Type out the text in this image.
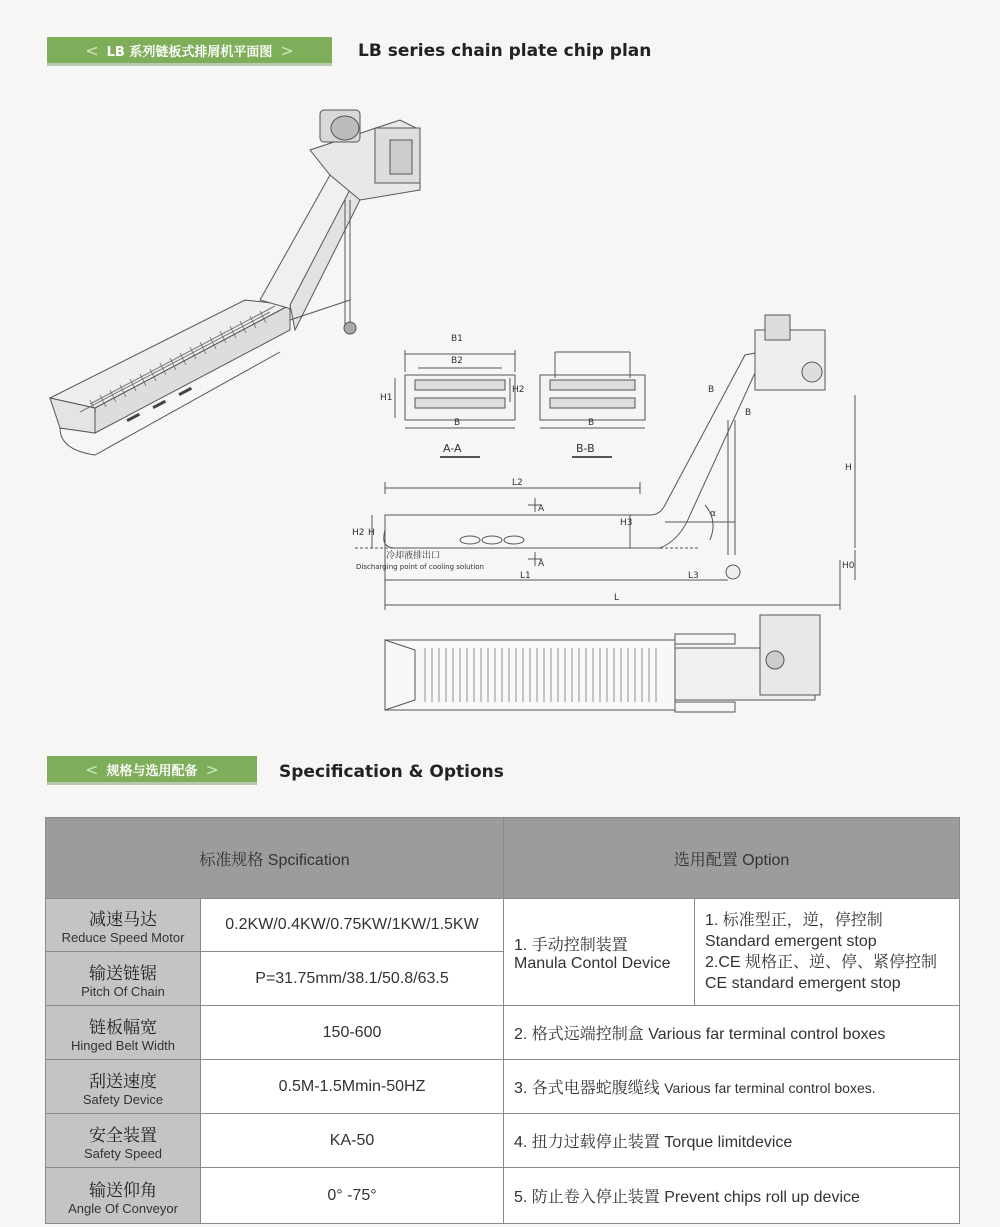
< LB 系列链板式排屑机平面图 >	LB series chain plate chip plan
B1
B2
B	B
H1
H2
A-A	B-B
L2
L1	L3
L
H
H0
H3
H2 H
α
A
A
B
B
冷却液排出口
Discharging point of cooling solution
< 规格与选用配备 >	Specification & Options
标准规格 Spcification		选用配置 Option	

减速马达
Reduce Speed Motor	0.2KW/0.4KW/0.75KW/1KW/1.5KW	1. 手动控制装置
Manula Contol Device	1. 标准型正，逆，停控制
Standard emergent stop
2.CE 规格正、逆、停、紧停控制
CE standard emergent stop

输送链锯
Pitch Of Chain	P=31.75mm/38.1/50.8/63.5		

链板幅宽
Hinged Belt Width	150-600	2. 格式远端控制盒 Various far terminal control boxes	

刮送速度
Safety Device	0.5M-1.5Mmin-50HZ	3. 各式电器蛇腹缆线 Various far terminal control boxes.	

安全装置
Safety Speed	KA-50	4. 扭力过载停止装置 Torque limitdevice	

输送仰角
Angle Of Conveyor	0° -75°	5. 防止卷入停止装置 Prevent chips roll up device	
